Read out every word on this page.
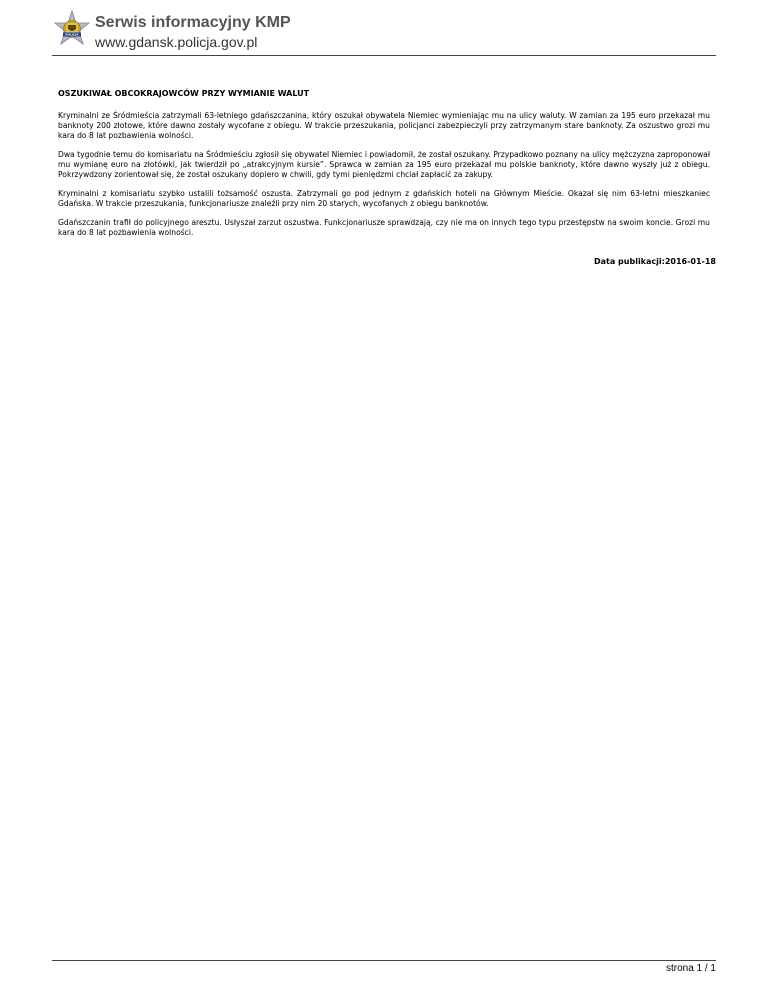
POLICJA
Serwis informacyjny KMP
www.gdansk.policja.gov.pl
OSZUKIWAŁ OBCOKRAJOWCÓW PRZY WYMIANIE WALUT

Kryminalni ze Śródmieścia zatrzymali 63-letniego gdańszczanina, który oszukał obywatela Niemiec wymieniając mu na ulicy waluty. W zamian za 195 euro przekazał mu banknoty 200 złotowe, które dawno zostały wycofane z obiegu. W trakcie przeszukania, policjanci zabezpieczyli przy zatrzymanym stare banknoty. Za oszustwo grozi mu kara do 8 lat pozbawienia wolności.

Dwa tygodnie temu do komisariatu na Śródmieściu zgłosił się obywatel Niemiec i powiadomił, że został oszukany. Przypadkowo poznany na ulicy mężczyzna zaproponował mu wymianę euro na złotówki, jak twierdził po „atrakcyjnym kursie”. Sprawca w zamian za 195 euro przekazał mu polskie banknoty, które dawno wyszły już z obiegu. Pokrzywdzony zorientował się, że został oszukany dopiero w chwili, gdy tymi pieniędzmi chciał zapłacić za zakupy.

Kryminalni z komisariatu szybko ustalili tożsamość oszusta. Zatrzymali go pod jednym z gdańskich hoteli na Głównym Mieście. Okazał się nim 63-letni mieszkaniec Gdańska. W trakcie przeszukania, funkcjonariusze znaleźli przy nim 20 starych, wycofanych z obiegu banknotów.

Gdańszczanin trafił do policyjnego aresztu. Usłyszał zarzut oszustwa. Funkcjonariusze sprawdzają, czy nie ma on innych tego typu przestępstw na swoim koncie. Grozi mu kara do 8 lat pozbawienia wolności.

Data publikacji:2016-01-18
strona 1 / 1
